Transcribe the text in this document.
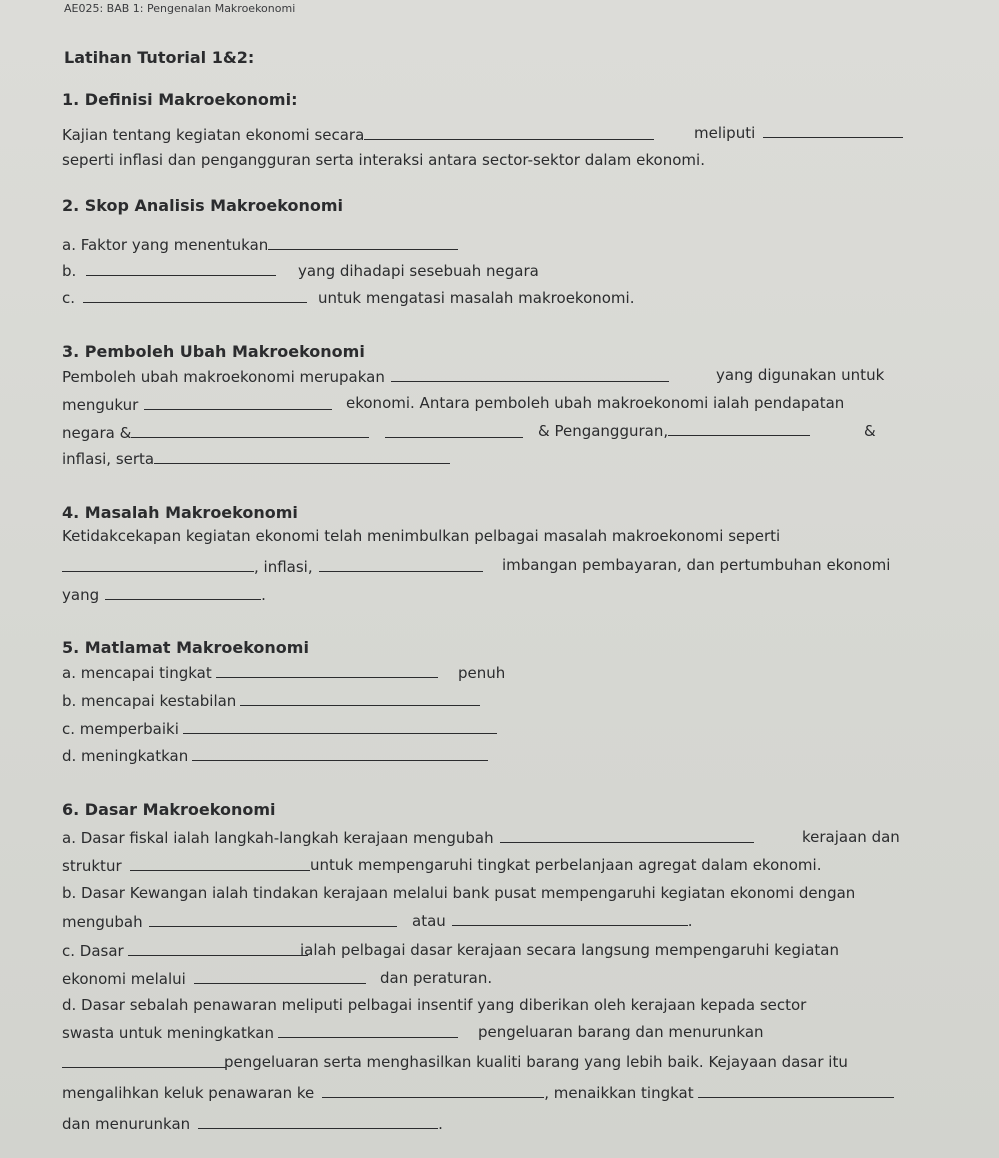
AE025: BAB 1: Pengenalan Makroekonomi
Latihan Tutorial 1&2:
1. Definisi Makroekonomi:
Kajian tentang kegiatan ekonomi secara	meliputi
seperti inflasi dan pengangguran serta interaksi antara sector-sektor dalam ekonomi.
2. Skop Analisis Makroekonomi
a. Faktor yang menentukan
b.	yang dihadapi sesebuah negara
c.	untuk mengatasi masalah makroekonomi.
3. Pemboleh Ubah Makroekonomi
Pemboleh ubah makroekonomi merupakan	yang digunakan untuk
mengukur	ekonomi. Antara pemboleh ubah makroekonomi ialah pendapatan
negara &	& Pengangguran,	&
inflasi, serta
4. Masalah Makroekonomi
Ketidakcekapan kegiatan ekonomi telah menimbulkan pelbagai masalah makroekonomi seperti
, inflasi,	imbangan pembayaran, dan pertumbuhan ekonomi
yang	.
5. Matlamat Makroekonomi
a. mencapai tingkat	penuh
b. mencapai kestabilan
c. memperbaiki
d. meningkatkan
6. Dasar Makroekonomi
a. Dasar fiskal ialah langkah-langkah kerajaan mengubah	kerajaan dan
struktur	untuk mempengaruhi tingkat perbelanjaan agregat dalam ekonomi.
b. Dasar Kewangan ialah tindakan kerajaan melalui bank pusat mempengaruhi kegiatan ekonomi dengan
mengubah	atau	.
c. Dasar	ialah pelbagai dasar kerajaan secara langsung mempengaruhi kegiatan
ekonomi melalui	dan peraturan.
d. Dasar sebalah penawaran meliputi pelbagai insentif yang diberikan oleh kerajaan kepada sector
swasta untuk meningkatkan	pengeluaran barang dan menurunkan
pengeluaran serta menghasilkan kualiti barang yang lebih baik. Kejayaan dasar itu
mengalihkan keluk penawaran ke	, menaikkan tingkat
dan menurunkan	.
